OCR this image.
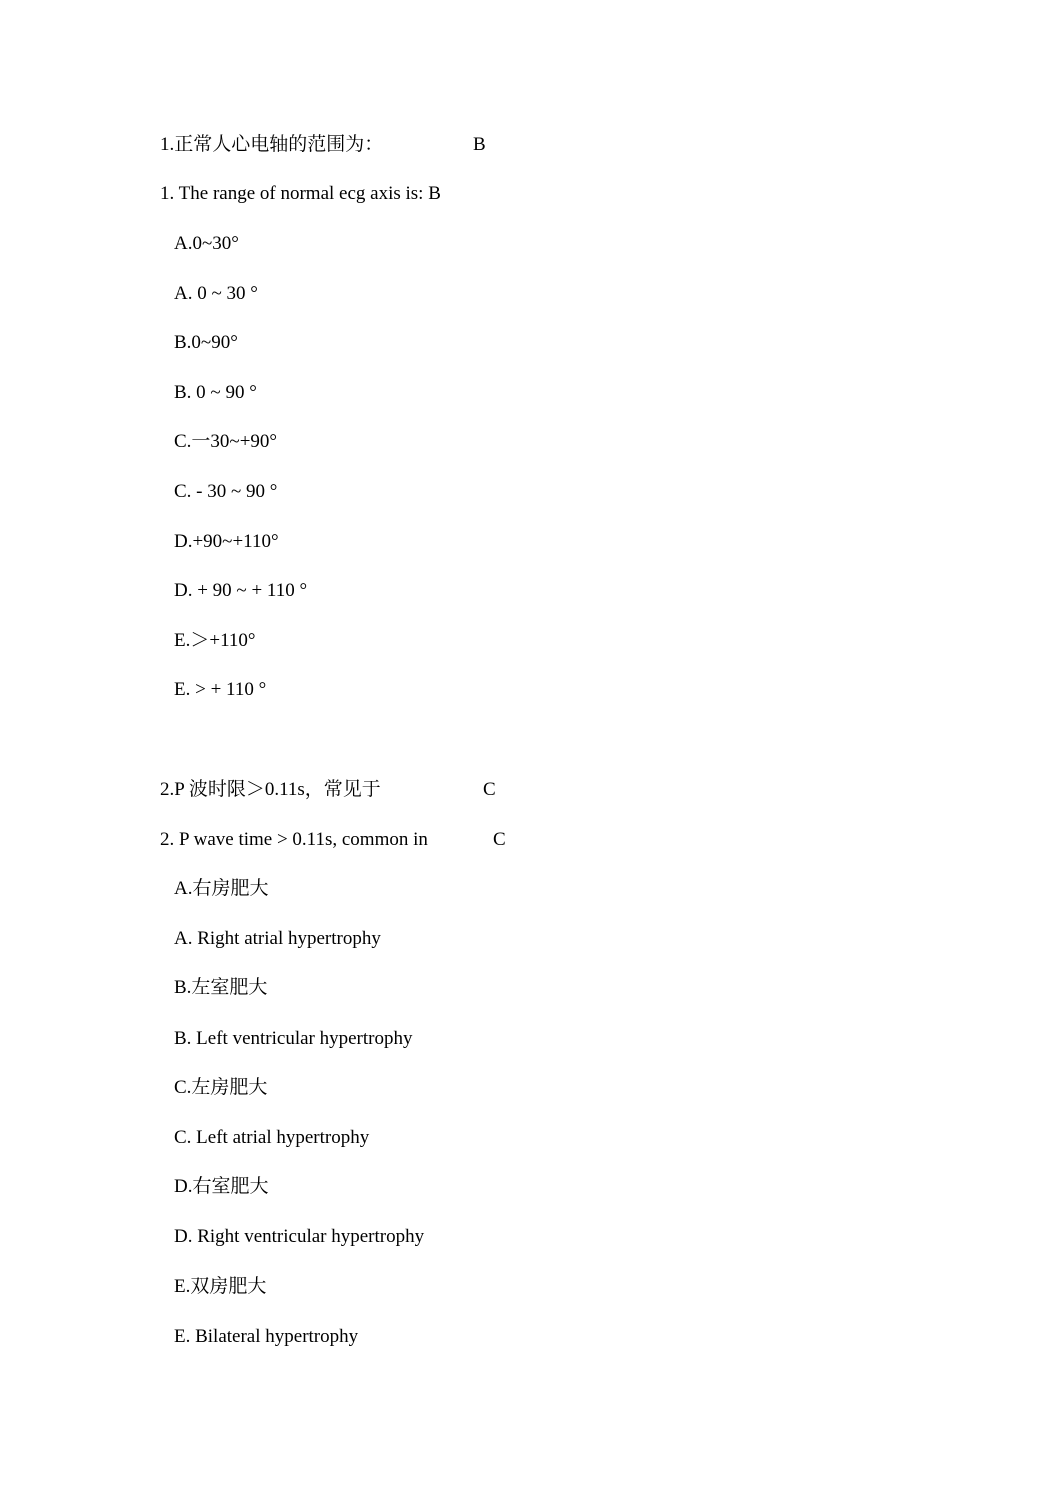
1.正常人心电轴的范围为：	B
1. The range of normal ecg axis is: B
A.0~30°
A. 0 ~ 30 °
B.0~90°
B. 0 ~ 90 °
C.一30~+90°
C. - 30 ~ 90 °
D.+90~+110°
D. + 90 ~ + 110 °
E.＞+110°
E. > + 110 °
2.P 波时限＞0.11s，常见于	C
2. P wave time > 0.11s, common in	C
A.右房肥大
A. Right atrial hypertrophy
B.左室肥大
B. Left ventricular hypertrophy
C.左房肥大
C. Left atrial hypertrophy
D.右室肥大
D. Right ventricular hypertrophy
E.双房肥大
E. Bilateral hypertrophy
